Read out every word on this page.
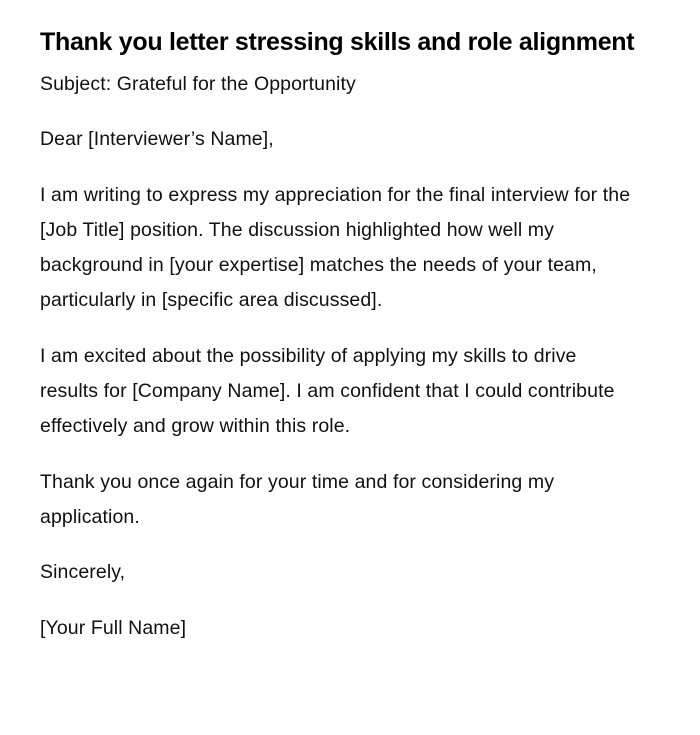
Thank you letter stressing skills and role alignment

Subject: Grateful for the Opportunity

Dear [Interviewer’s Name],

I am writing to express my appreciation for the final interview for the [Job Title] position. The discussion highlighted how well my background in [your expertise] matches the needs of your team, particularly in [specific area discussed].

I am excited about the possibility of applying my skills to drive results for [Company Name]. I am confident that I could contribute effectively and grow within this role.

Thank you once again for your time and for considering my application.

Sincerely,

[Your Full Name]
